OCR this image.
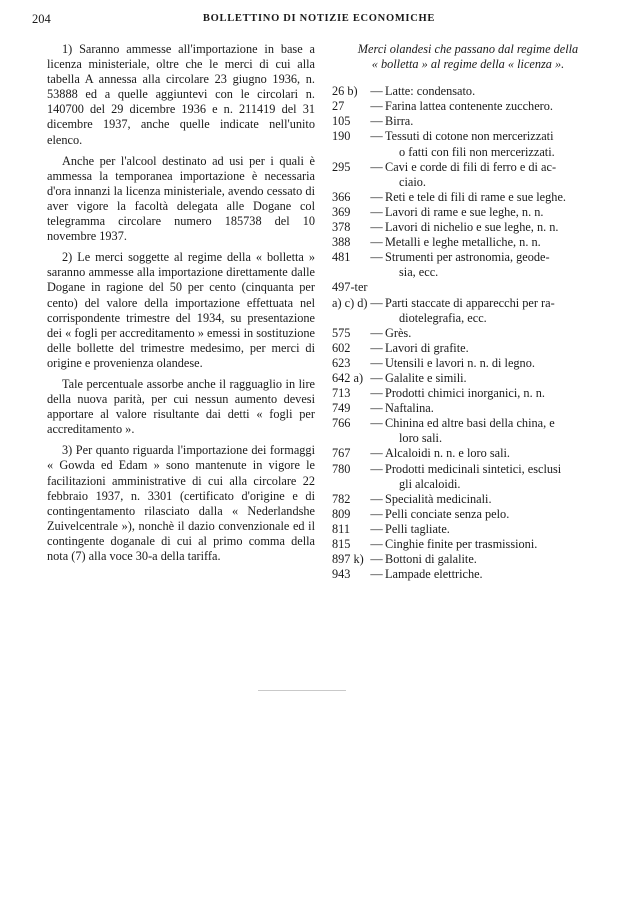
204	BOLLETTINO DI NOTIZIE ECONOMICHE

1) Saranno ammesse all'importazione in base a licenza ministeriale, oltre che le merci di cui alla tabella A annessa alla circolare 23 giugno 1936, n. 53888 ed a quelle aggiuntevi con le circolari n. 140700 del 29 dicembre 1936 e n. 211419 del 31 dicembre 1937, anche quelle indicate nell'unito elenco.

Anche per l'alcool destinato ad usi per i quali è ammessa la temporanea importazione è necessaria d'ora innanzi la licenza ministeriale, avendo cessato di aver vigore la facoltà delegata alle Dogane col telegramma circolare numero 185738 del 10 novembre 1937.

2) Le merci soggette al regime della « bolletta » saranno ammesse alla importazione direttamente dalle Dogane in ragione del 50 per cento (cinquanta per cento) del valore della importazione effettuata nel corrispondente trimestre del 1934, su presentazione dei « fogli per accreditamento » emessi in sostituzione delle bollette del trimestre medesimo, per merci di origine e provenienza olandese.

Tale percentuale assorbe anche il ragguaglio in lire della nuova parità, per cui nessun aumento devesi apportare al valore risultante dai detti « fogli per accreditamento ».

3) Per quanto riguarda l'importazione dei formaggi « Gowda ed Edam » sono mantenute in vigore le facilitazioni amministrative di cui alla circolare 22 febbraio 1937, n. 3301 (certificato d'origine e di contingentamento rilasciato dalla « Nederlandshe Zuivelcentrale »), nonchè il dazio convenzionale ed il contingente doganale di cui al primo comma della nota (7) alla voce 30-a della tariffa.

Merci olandesi che passano dal regime della
« bolletta » al regime della « licenza ».
26 b)	— Latte: condensato.
27	— Farina lattea contenente zucchero.
105	— Birra.
190	— Tessuti di cotone non mercerizzati
o fatti con fili non mercerizzati.
295	— Cavi e corde di fili di ferro e di ac-
ciaio.
366	— Reti e tele di fili di rame e sue leghe.
369	— Lavori di rame e sue leghe, n. n.
378	— Lavori di nichelio e sue leghe, n. n.
388	— Metalli e leghe metalliche, n. n.
481	— Strumenti per astronomia, geode-
sia, ecc.
497-ter
a) c) d) — Parti staccate di apparecchi per ra-
diotelegrafia, ecc.
575	— Grès.
602	— Lavori di grafite.
623	— Utensili e lavori n. n. di legno.
642 a) — Galalite e simili.
713	— Prodotti chimici inorganici, n. n.
749	— Naftalina.
766	— Chinina ed altre basi della china, e
loro sali.
767	— Alcaloidi n. n. e loro sali.
780	— Prodotti medicinali sintetici, esclusi
gli alcaloidi.
782	— Specialità medicinali.
809	— Pelli conciate senza pelo.
811	— Pelli tagliate.
815	— Cinghie finite per trasmissioni.
897 k) — Bottoni di galalite.
943	— Lampade elettriche.
